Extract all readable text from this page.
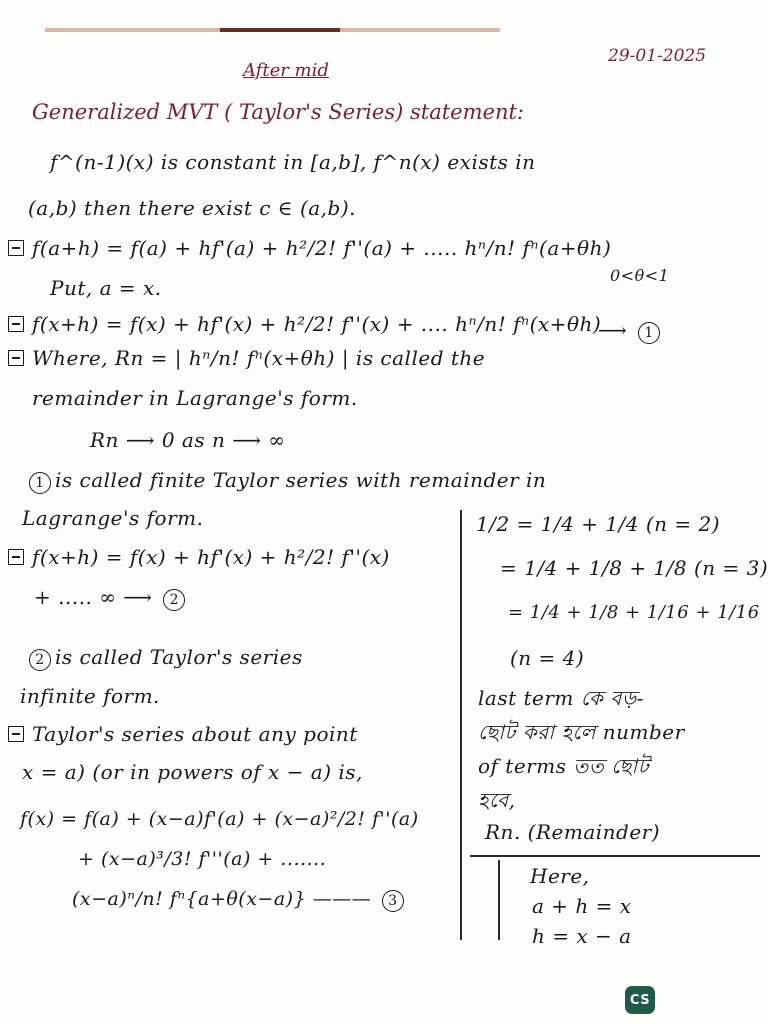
29-01-2025
After mid
Generalized MVT ( Taylor's Series) statement:
f^(n-1)(x) is constant in [a,b], f^n(x) exists in
(a,b) then there exist c ∈ (a,b).
f(a+h) = f(a) + hf'(a) + h²/2! f''(a) + ..... hⁿ/n! fⁿ(a+θh)
0<θ<1
Put, a = x.
f(x+h) = f(x) + hf'(x) + h²/2! f''(x) + .... hⁿ/n! fⁿ(x+θh)
⟶ 1
Where, Rn = | hⁿ/n! fⁿ(x+θh) | is called the
remainder in Lagrange's form.
Rn ⟶ 0 as n ⟶ ∞
1 is called finite Taylor series with remainder in
Lagrange's form.
f(x+h) = f(x) + hf'(x) + h²/2! f''(x)
+ ..... ∞ ⟶ 2
2 is called Taylor's series
infinite form.
Taylor's series about any point
x = a) (or in powers of x − a) is,
f(x) = f(a) + (x−a)f'(a) + (x−a)²/2! f''(a)
+ (x−a)³/3! f'''(a) + .......
(x−a)ⁿ/n! fⁿ{a+θ(x−a)} ——— 3
1/2 = 1/4 + 1/4 (n = 2)
= 1/4 + 1/8 + 1/8 (n = 3)
= 1/4 + 1/8 + 1/16 + 1/16
(n = 4)
last term কে বড়-
ছোট করা হলে number
of terms তত ছোট
হবে,
Rn. (Remainder)
Here,
a + h = x
h = x − a
CS
